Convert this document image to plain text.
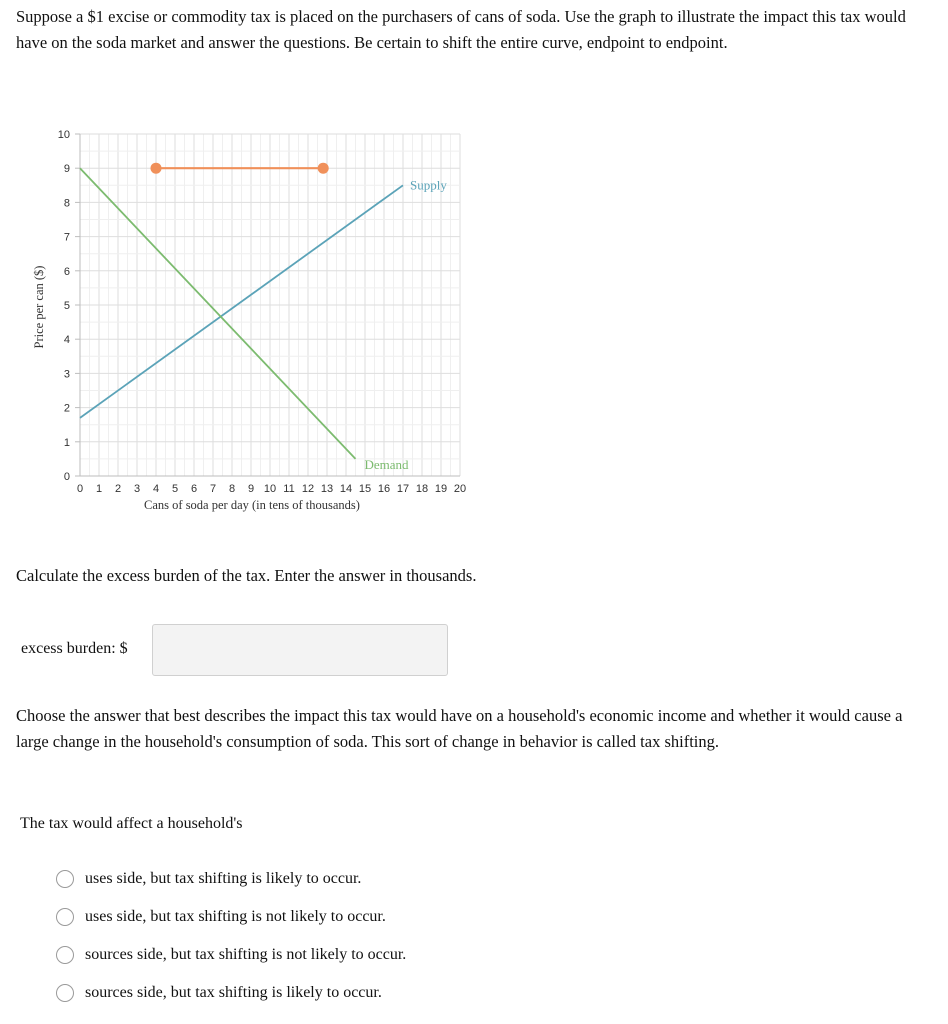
Suppose a $1 excise or commodity tax is placed on the purchasers of cans of soda. Use the graph to illustrate the impact this tax would have on the soda market and answer the questions. Be certain to shift the entire curve, endpoint to endpoint.
0 1 2 3 4 5 6 7 8 9 10 11 12 13 14 15 16 17 18 19 20
0
1
2
3
4
5
6
7
8
9
10
Supply
Demand
Cans of soda per day (in tens of thousands)
Price per can ($)
Calculate the excess burden of the tax. Enter the answer in thousands.
excess burden: $
Choose the answer that best describes the impact this tax would have on a household's economic income and whether it would cause a large change in the household's consumption of soda. This sort of change in behavior is called tax shifting.
The tax would affect a household's
uses side, but tax shifting is likely to occur.
uses side, but tax shifting is not likely to occur.
sources side, but tax shifting is not likely to occur.
sources side, but tax shifting is likely to occur.
